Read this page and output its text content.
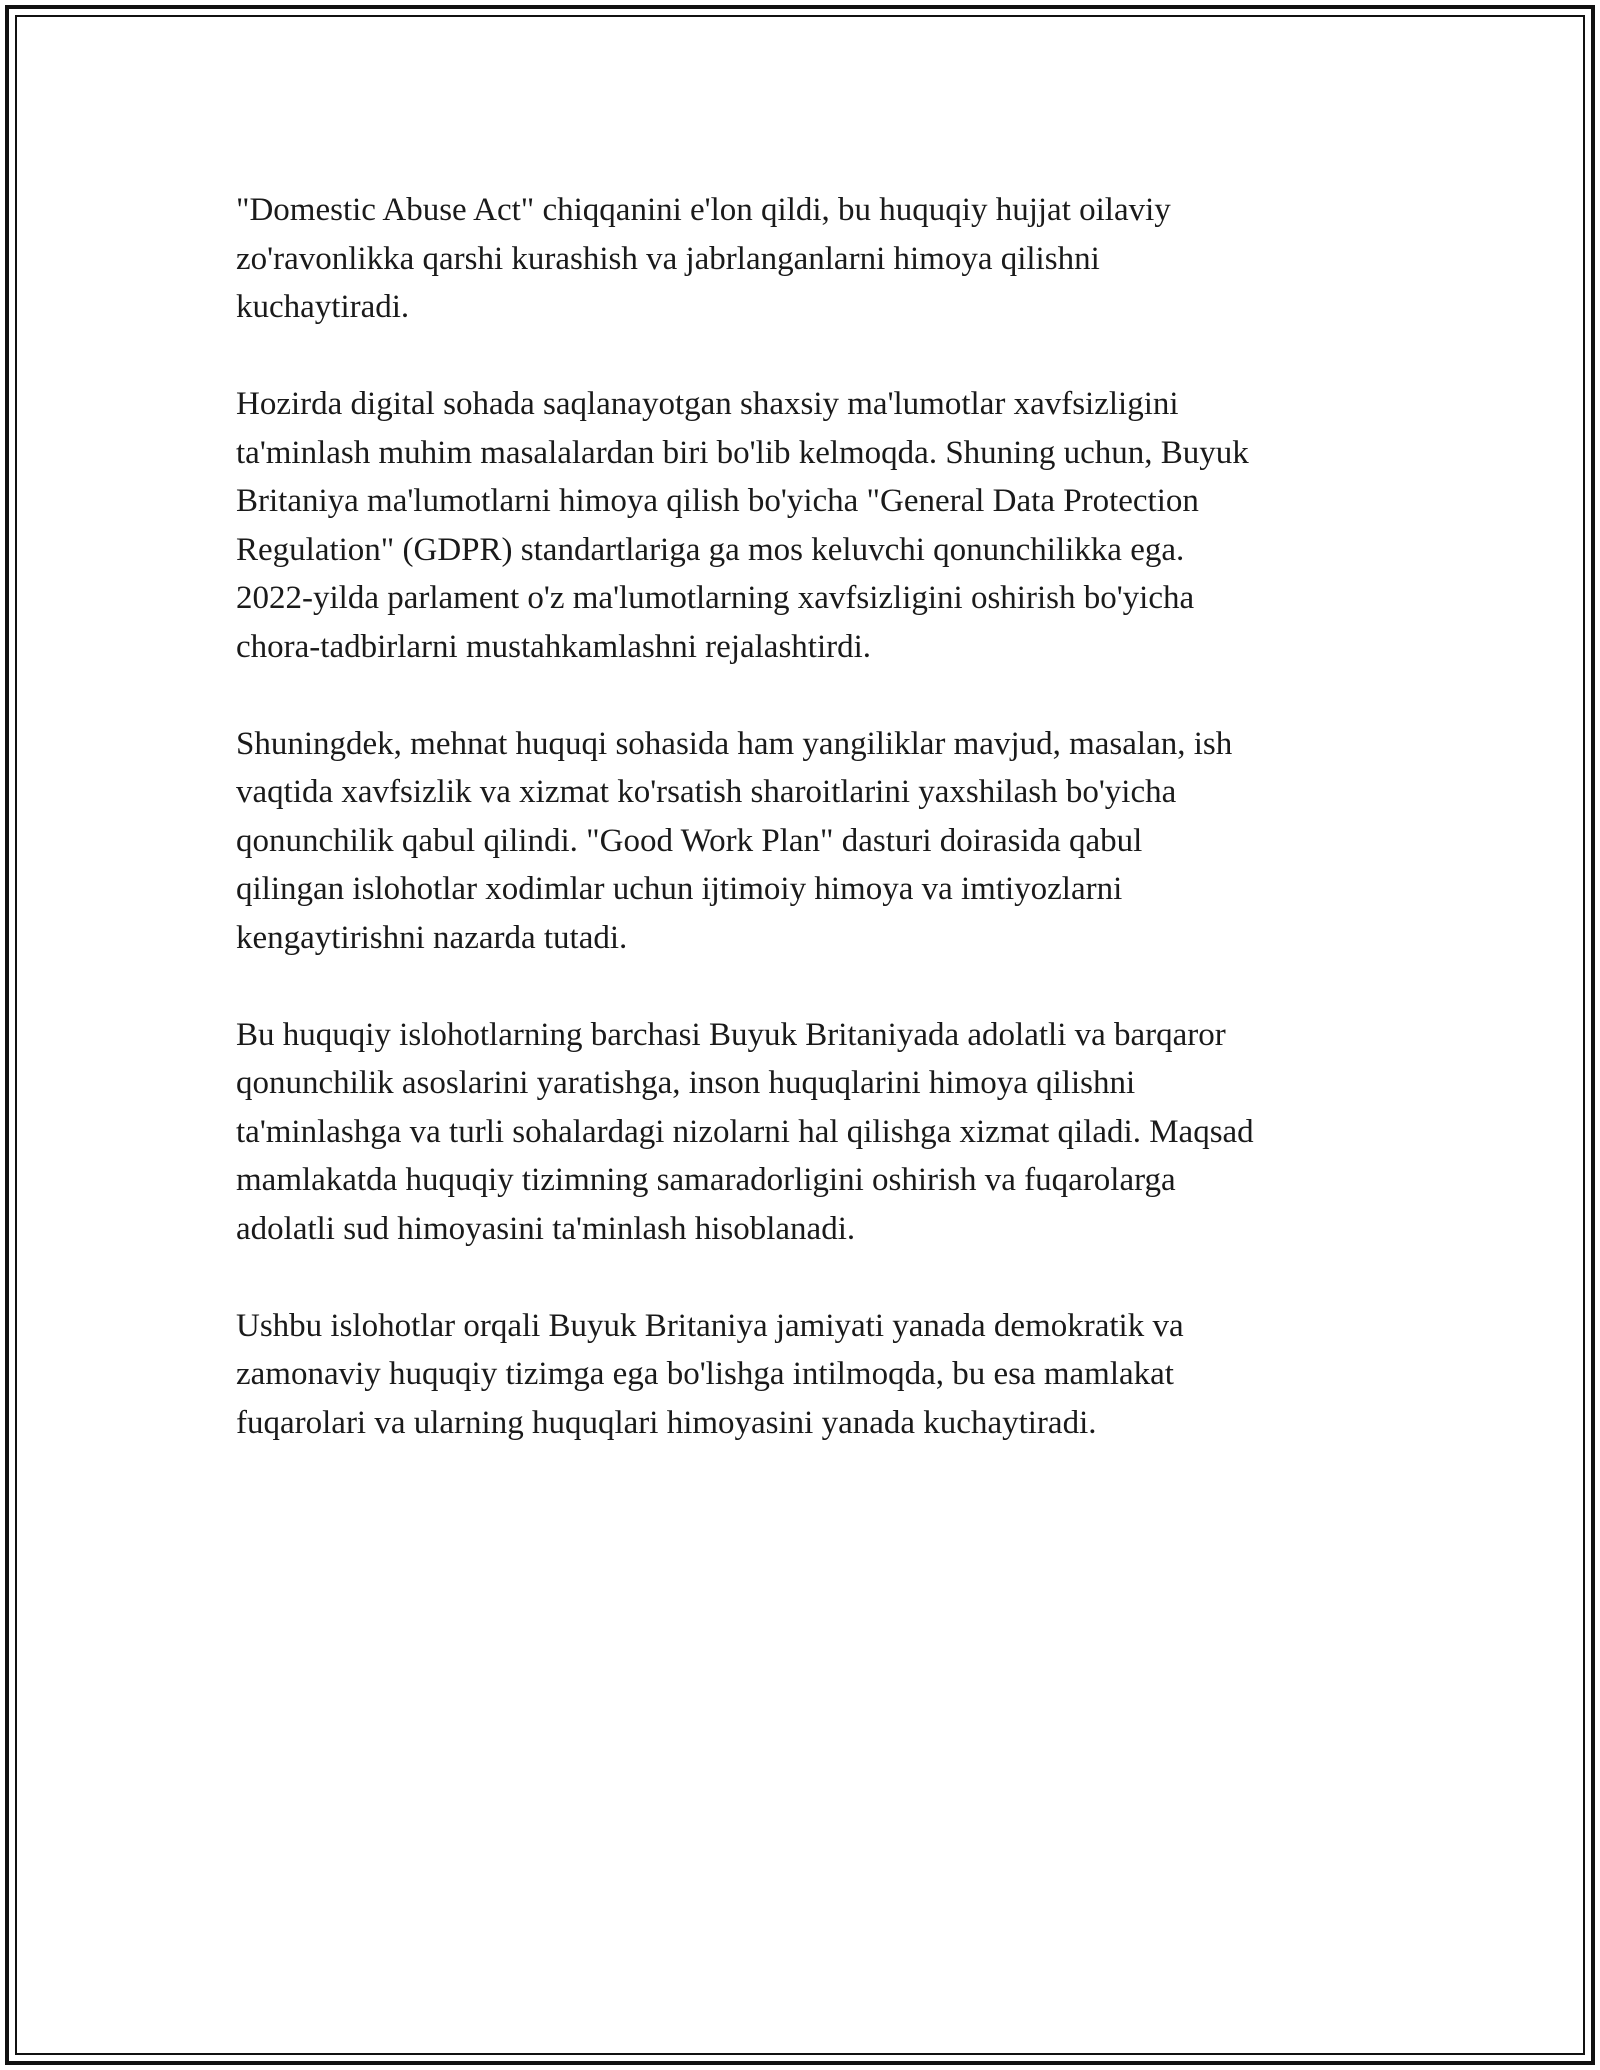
"Domestic Abuse Act" chiqqanini e'lon qildi, bu huquqiy hujjat oilaviy
zo'ravonlikka qarshi kurashish va jabrlanganlarni himoya qilishni
kuchaytiradi.

Hozirda digital sohada saqlanayotgan shaxsiy ma'lumotlar xavfsizligini
ta'minlash muhim masalalardan biri bo'lib kelmoqda. Shuning uchun, Buyuk
Britaniya ma'lumotlarni himoya qilish bo'yicha "General Data Protection
Regulation" (GDPR) standartlariga ga mos keluvchi qonunchilikka ega.
2022-yilda parlament o'z ma'lumotlarning xavfsizligini oshirish bo'yicha
chora-tadbirlarni mustahkamlashni rejalashtirdi.

Shuningdek, mehnat huquqi sohasida ham yangiliklar mavjud, masalan, ish
vaqtida xavfsizlik va xizmat ko'rsatish sharoitlarini yaxshilash bo'yicha
qonunchilik qabul qilindi. "Good Work Plan" dasturi doirasida qabul
qilingan islohotlar xodimlar uchun ijtimoiy himoya va imtiyozlarni
kengaytirishni nazarda tutadi.

Bu huquqiy islohotlarning barchasi Buyuk Britaniyada adolatli va barqaror
qonunchilik asoslarini yaratishga, inson huquqlarini himoya qilishni
ta'minlashga va turli sohalardagi nizolarni hal qilishga xizmat qiladi. Maqsad
mamlakatda huquqiy tizimning samaradorligini oshirish va fuqarolarga
adolatli sud himoyasini ta'minlash hisoblanadi.

Ushbu islohotlar orqali Buyuk Britaniya jamiyati yanada demokratik va
zamonaviy huquqiy tizimga ega bo'lishga intilmoqda, bu esa mamlakat
fuqarolari va ularning huquqlari himoyasini yanada kuchaytiradi.
